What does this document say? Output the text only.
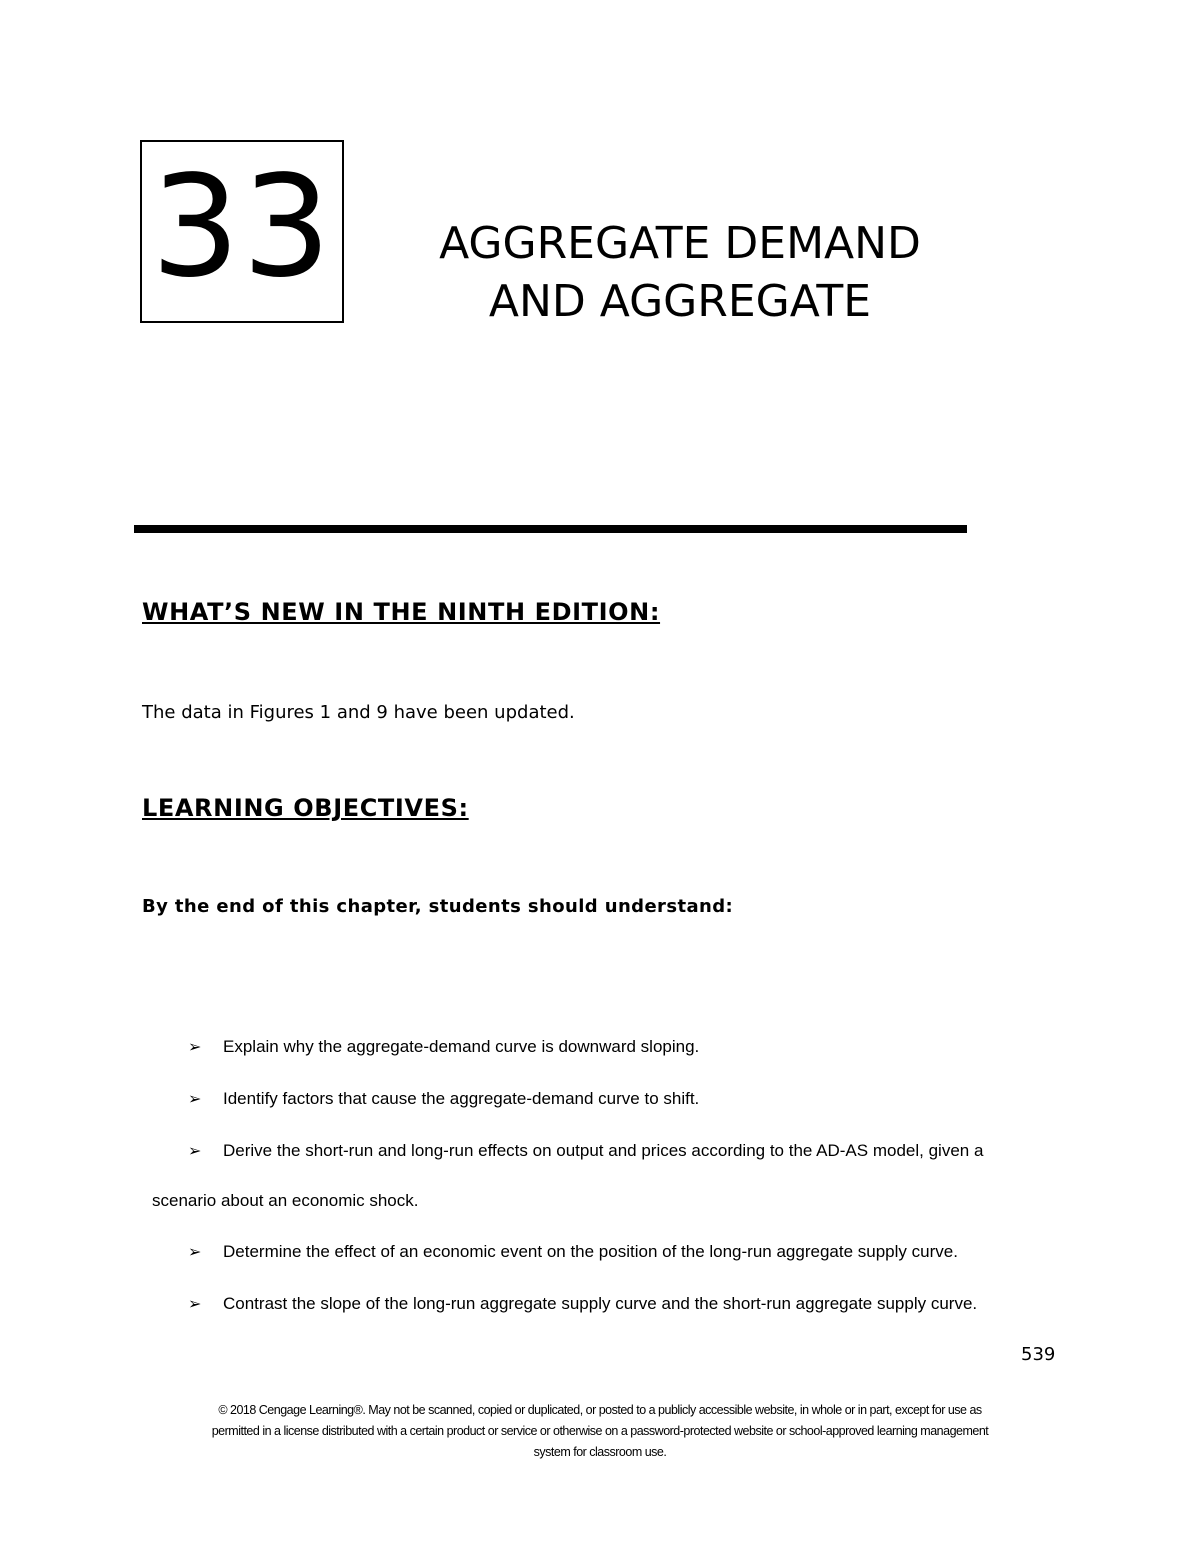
33	AGGREGATE DEMAND
AND AGGREGATE
WHAT’S NEW IN THE NINTH EDITION:
The data in Figures 1 and 9 have been updated.
LEARNING OBJECTIVES:
By the end of this chapter, students should understand:
➢ Explain why the aggregate-demand curve is downward sloping.
➢ Identify factors that cause the aggregate-demand curve to shift.
➢ Derive the short-run and long-run effects on output and prices according to the AD-AS model, given a
scenario about an economic shock.
➢ Determine the effect of an economic event on the position of the long-run aggregate supply curve.
➢ Contrast the slope of the long-run aggregate supply curve and the short-run aggregate supply curve.
539
© 2018 Cengage Learning®. May not be scanned, copied or duplicated, or posted to a publicly accessible website, in whole or in part, except for use as
permitted in a license distributed with a certain product or service or otherwise on a password-protected website or school-approved learning management
system for classroom use.
